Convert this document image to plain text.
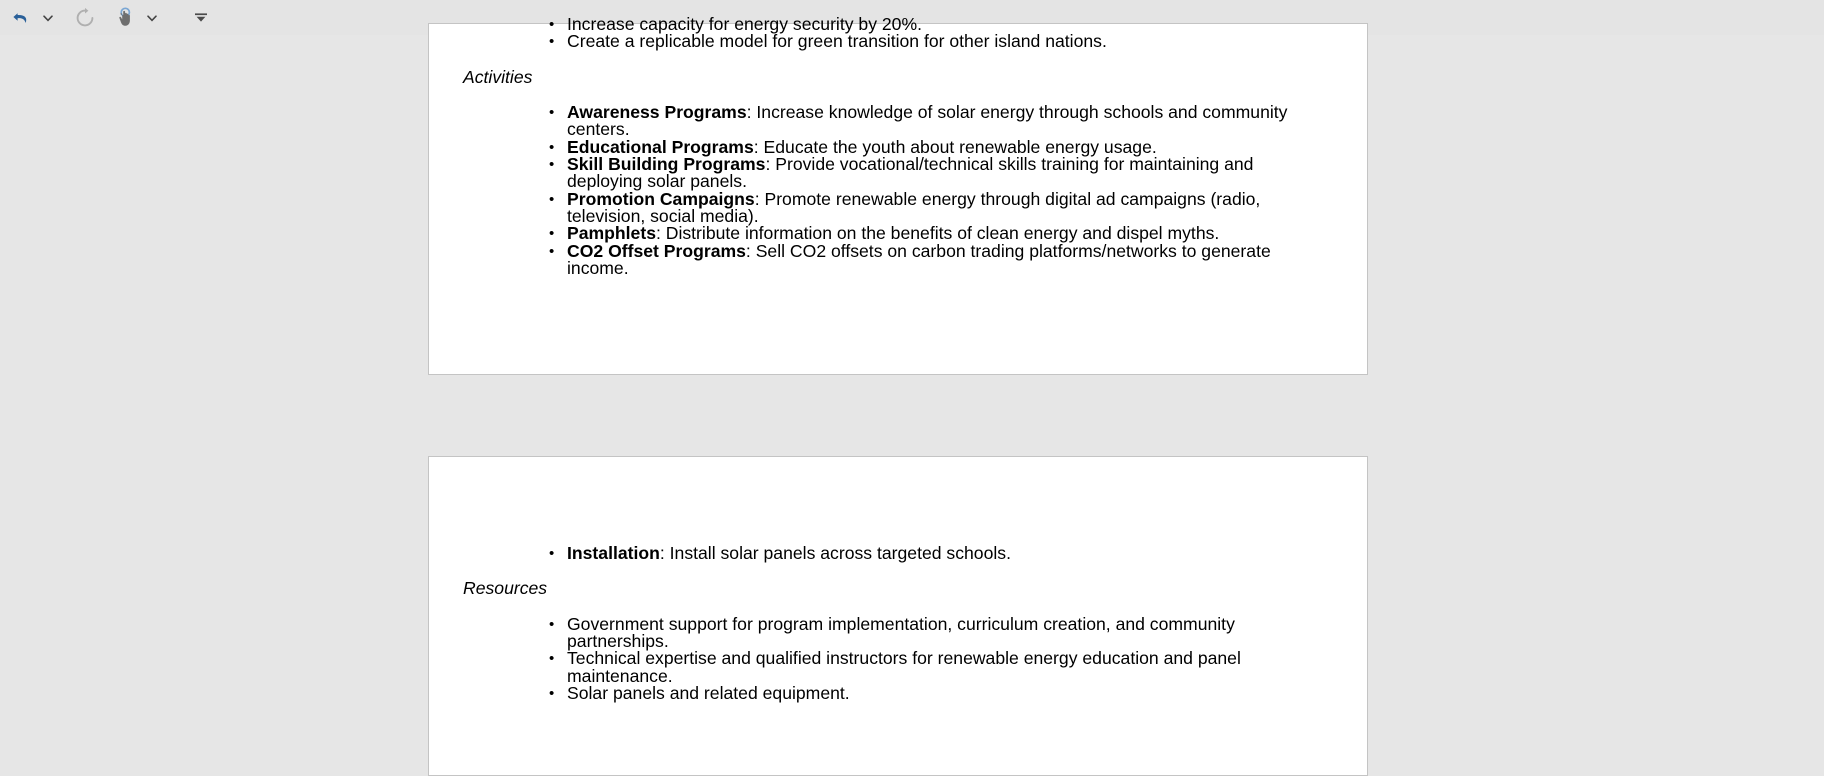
• Increase capacity for energy security by 20%.
• Create a replicable model for green transition for other island nations.
Activities
• Awareness Programs: Increase knowledge of solar energy through schools and community centers.
• Educational Programs: Educate the youth about renewable energy usage.
• Skill Building Programs: Provide vocational/technical skills training for maintaining and deploying solar panels.
• Promotion Campaigns: Promote renewable energy through digital ad campaigns (radio, television, social media).
• Pamphlets: Distribute information on the benefits of clean energy and dispel myths.
• CO2 Offset Programs: Sell CO2 offsets on carbon trading platforms/networks to generate income.
• Installation: Install solar panels across targeted schools.
Resources
• Government support for program implementation, curriculum creation, and community partnerships.
• Technical expertise and qualified instructors for renewable energy education and panel maintenance.
• Solar panels and related equipment.
